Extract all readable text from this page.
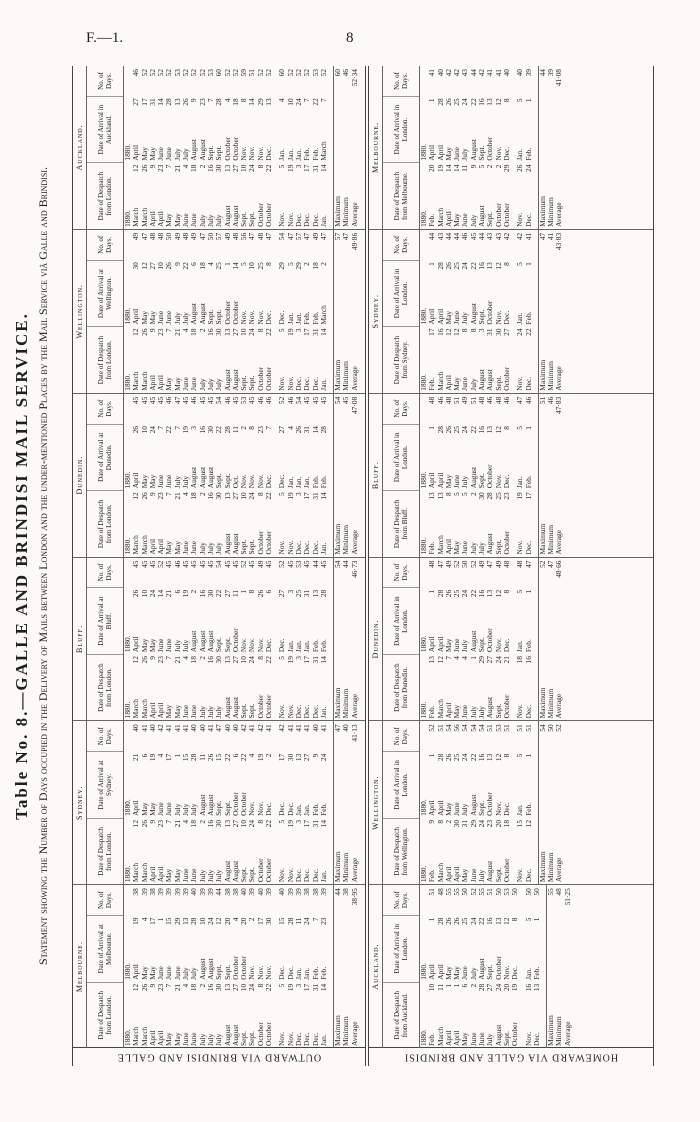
F.—1.	8
Table No. 8.—GALLE AND BRINDISI MAIL SERVICE. Statement showing the Number of Days occupied in the Delivery of Mails between London and the under-mentioned Places by the Mail Service viâ Galle and Brindisi.
OUTWARD VIA BRINDISI AND GALLE
Melbourne.
Date of Despatch from London.
Date of Arrival at Melbourne.
No. of Days.
1880.
1880.
March
12
April
19
38
March
26
May
4
39
April
9
May
17
38
April
23
June
1
39
May
7
June
15
39
May
21
June
29
39
June
4
July
13
39
June
18
July
28
40
July
2
August
10
39
July
16
August
24
39
July
30
Sept.
12
44
August
13
Sept.
20
38
August
27
October
4
38
Sept.
10
October
20
40
Sept.
24
Nov.
2
39
October
8
Nov.
17
40
October
22
Nov.
30
39
Nov.
5
Dec.
15
40
Nov.
19
Dec.
28
39
Dec.
3
Jan.
11
39
Dec.
17
Jan.
24
38
Dec.
31
Feb.
7
38
Jan.
14
Feb.
23
39
Maximum
44
Minimum
38
Average
38·95
Sydney.
Date of Despatch from London.
Date of Arrival at Sydney.
No. of Days.
1880.
1880.
March
12
April
21
40
March
26
May
6
41
April
9
May
19
40
April
23
June
4
42
May
7
June
17
41
May
21
July
1
41
June
4
July
15
41
June
18
July
28
40
July
2
August
11
40
July
16
August
26
41
July
30
Sept.
15
47
August
13
Sept.
22
40
August
27
October
6
40
Sept.
10
October
22
42
Sept.
24
Nov.
4
41
October
8
Nov.
19
42
October
22
Dec.
2
41
Nov.
5
Dec.
17
42
Nov.
19
Dec.
30
41
Dec.
3
Jan.
13
41
Dec.
17
Jan.
27
41
Dec.
31
Feb.
9
40
Jan.
14
Feb.
24
41
Maximum
47
Minimum
40
Average
41·13
Bluff.
Date of Despatch from London.
Date of Arrival at Bluff.
No. of Days.
1880.
1880.
March
12
April
26
45
March
26
May
10
45
April
9
May
24
45
April
23
June
14
52
May
7
June
21
45
May
21
July
6
46
June
4
July
19
45
June
18
August
2
45
July
2
August
16
45
July
16
August
30
45
July
30
Sept.
22
54
August
13
Sept.
27
45
August
27
October
11
45
Sept.
10
Nov.
1
52
Sept.
24
Nov.
8
45
October
8
Nov.
26
49
October
22
Dec.
6
45
Nov.
5
Dec.
27
52
Nov.
19
Jan.
3
45
Dec.
3
Jan.
25
53
Dec.
17
Jan.
31
45
Dec.
31
Feb.
13
44
Jan.
14
Feb.
28
45
Maximum
54
Minimum
44
Average
46·73
Dunedin.
Date of Despatch from London.
Date of Arrival at Dunedin.
No. of Days.
1880.
1880.
March
12
April
26
45
March
26
May
10
45
April
9
May
24
45
April
23
June
7
45
May
7
June
22
46
May
21
July
7
47
June
4
July
19
45
June
18
August
3
46
July
2
August
16
45
July
16
August
30
45
July
30
Sept.
22
54
August
13
Sept.
28
46
August
27
Oct.
11
45
Sept.
10
Nov.
2
53
Sept.
24
Nov.
8
45
October
8
Nov.
23
46
October
22
Dec.
7
46
Nov.
5
Dec.
27
52
Nov.
19
Jan.
4
46
Dec.
3
Jan.
26
54
Dec.
17
Jan.
31
45
Dec.
31
Feb.
14
45
Jan.
14
Feb.
28
45
Maximum
54
Minimum
45
Average
47·08
Wellington.
Date of Despatch from London.
Date of Arrival at Wellington.
No. of Days.
1880.
1880.
March
12
April
30
49
March
26
May
12
47
April
9
May
27
48
April
23
June
10
48
May
7
June
26
50
May
21
July
9
49
June
4
July
22
48
June
18
August
6
49
July
2
August
18
47
July
16
Sept.
4
50
July
30
Sept.
25
57
August
13
October
1
49
August
27
October
14
48
Sept.
10
Nov.
5
56
Sept.
24
Nov.
10
47
October
8
Nov.
25
48
October
22
Dec.
8
47
Nov.
5
Dec.
29
54
Nov.
19
Jan.
5
47
Dec.
3
Jan.
29
57
Dec.
17
Feb.
2
47
Dec.
31
Feb.
18
49
Jan.
14
March
2
47
Maximum
57
Minimum
47
Average
49·86
Auckland.
Date of Despatch from London.
Date of Arrival in Auckland.
No. of Days.
1880.
1880.
March
12
April
27
46
March
26
May
17
52
April
9
May
31
52
April
23
June
14
52
May
7
June
28
52
May
21
July
13
53
June
4
July
26
52
June
18
August
9
52
July
2
August
23
52
July
16
Sept.
7
53
July
30
Sept.
28
60
August
13
October
4
52
August
27
October
18
52
Sept.
10
Nov.
8
59
Sept.
24
Nov.
14
51
October
8
Nov.
29
52
October
22
Dec.
13
52
Nov.
5
Jan.
4
60
Nov.
19
Jan.
10
52
Dec.
3
Jan.
24
52
Dec.
17
Feb.
7
52
Dec.
31
Feb.
22
53
Jan.
14
March
7
52
Maximum
60
Minimum
46
Average
52·34
HOMEWARD VIA GALLE AND BRINDISI
Auckland.
Date of Despatch from Auckland.
Date of Arrival in London.
No. of Days.
1880.
1880.
Feb.
10
April
1
51
March
11
April
28
48
April
1
May
26
55
April
1
May
26
55
May
6
June
25
50
June
2
July
24
52
June
28
August
22
55
July
27
Sept.
16
51
August
24
October
13
50
Sept.
20
Nov.
12
53
October
19
Dec.
8
50
Nov.
16
Jan.
5
50
Dec.
13
Feb.
1
50
Maximum
55
Minimum
48
Average
51·25
Wellington.
Date of Despatch from Wellington.
Date of Arrival in London.
No. of Days.
1880.
1880.
Feb.
9
April
1
52
March
8
April
28
51
April
2
May
26
54
April
30
June
25
56
May
31
July
24
54
June
29
August
22
54
July
24
Sept.
16
54
August
23
October
13
51
Sept.
20
Nov.
12
53
October
18
Dec.
8
51
Nov.
15
Jan.
5
51
Dec.
12
Feb.
1
51
Maximum
54
Minimum
50
Average
52
Dunedin.
Date of Despatch from Dunedin.
Date of Arrival in London.
No. of Days.
1880.
1880.
Feb.
13
April
1
48
March
12
April
28
47
April
7
May
26
49
May
4
June
25
52
June
4
July
24
50
July
1
August
22
52
July
29
Sept.
16
49
August
27
October
13
47
Sept.
24
Nov.
12
49
October
21
Dec.
8
48
Nov.
18
Jan.
5
48
Dec.
16
Feb.
1
47
Maximum
52
Minimum
47
Average
48·66
Bluff.
Date of Despatch from Bluff.
Date of Arrival in London.
No. of Days.
1880.
1880.
Feb.
13
April
1
48
March
13
April
28
46
April
8
May
26
48
May
5
June
25
51
June
5
July
24
49
July
2
August
22
51
July
30
Sept.
16
48
August
28
October
13
46
Sept.
25
Nov.
12
48
October
23
Dec.
8
46
Nov.
19
Jan.
5
47
Dec.
17
Feb.
1
46
Maximum
51
Minimum
46
Average
47·83
Sydney.
Date of Despatch from Sydney.
Date of Arrival in London.
No. of Days.
1880.
1880.
Feb.
17
April
1
44
March
16
April
28
43
April
12
May
26
44
May
12
June
25
44
June
8
July
24
46
July
8
August
22
45
August
3
Sept.
16
44
August
31
October
13
43
Sept.
30
Nov.
12
43
October
27
Dec.
8
42
Nov.
24
Jan.
5
42
Dec.
22
Feb.
1
41
Maximum
47
Minimum
41
Average
43·83
Melbourne.
Date of Despatch from Melbourne.
Date of Arrival in London.
No. of Days.
1880.
1880.
Feb.
20
April
1
41
March
19
April
28
40
April
14
May
26
42
May
14
June
25
42
June
11
July
24
43
July
9
August
22
44
August
5
Sept.
16
42
Sept.
2
October
13
41
October
2
Nov.
12
41
October
29
Dec.
8
40
Nov.
26
Jan.
5
40
Dec.
24
Feb.
1
39
Maximum
44
Minimum
39
Average
41·08
